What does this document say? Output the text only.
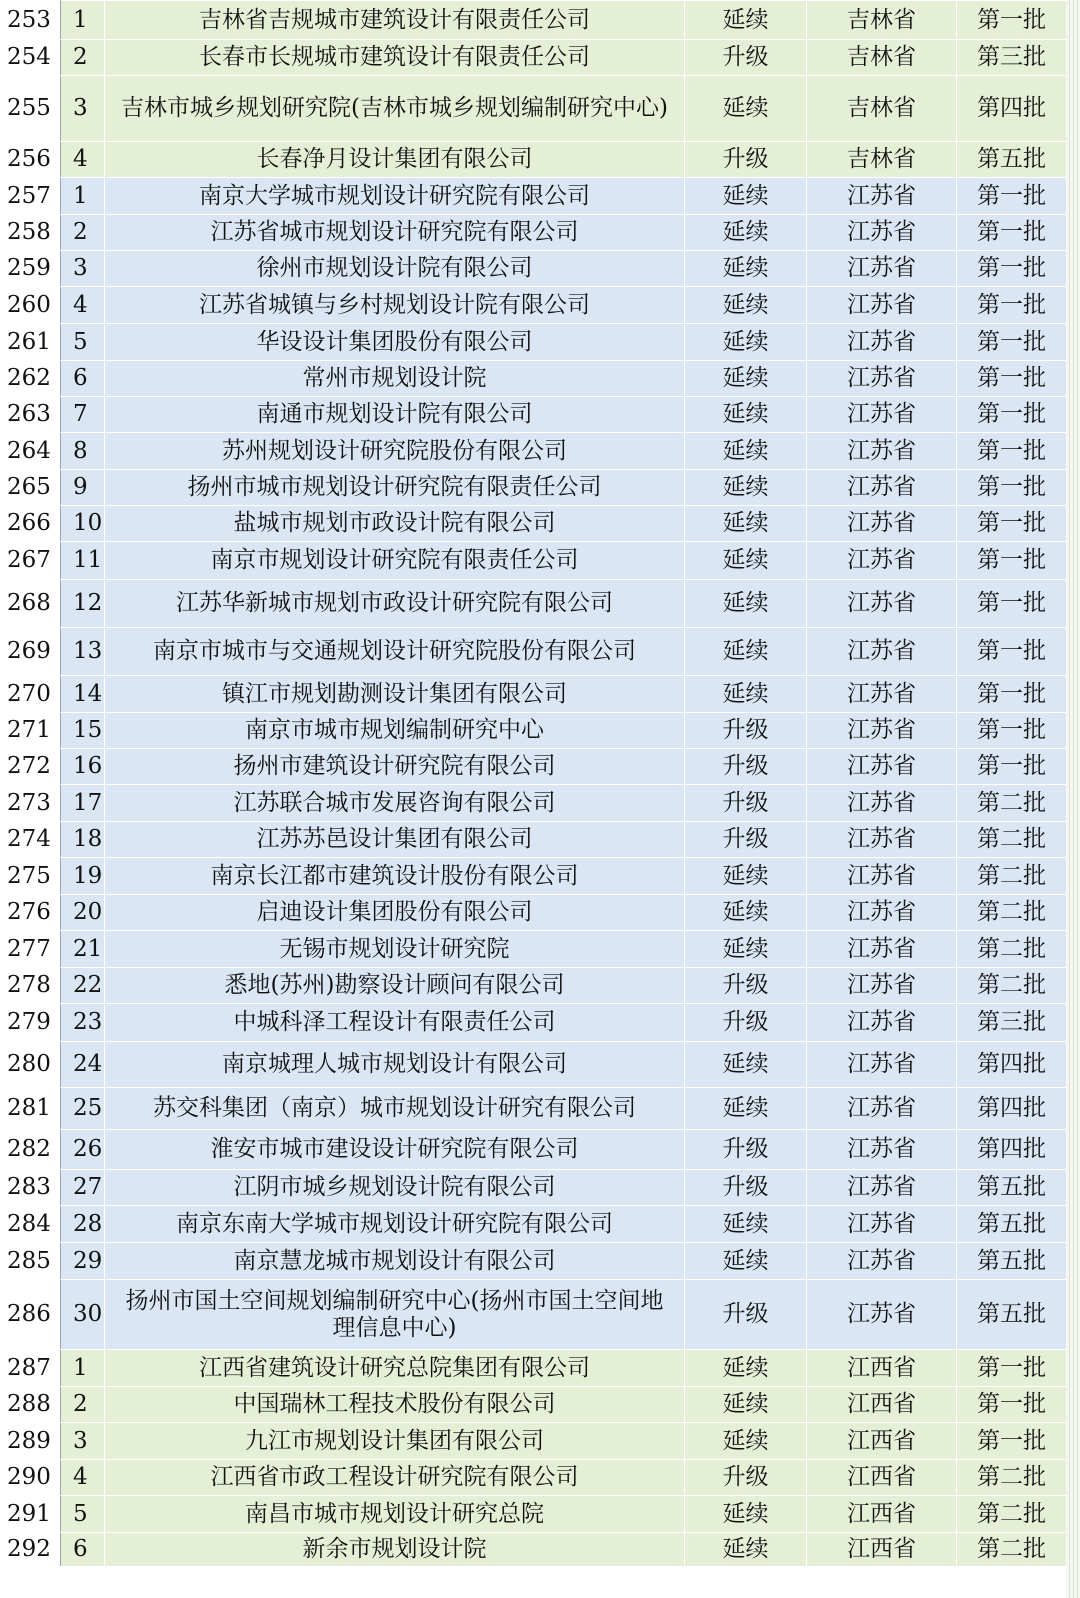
253	1	吉林省吉规城市建筑设计有限责任公司	延续	吉林省	第一批
254	2	长春市长规城市建筑设计有限责任公司	升级	吉林省	第三批
255	3	吉林市城乡规划研究院(吉林市城乡规划编制研究中心)	延续	吉林省	第四批
256	4	长春净月设计集团有限公司	升级	吉林省	第五批
257	1	南京大学城市规划设计研究院有限公司	延续	江苏省	第一批
258	2	江苏省城市规划设计研究院有限公司	延续	江苏省	第一批
259	3	徐州市规划设计院有限公司	延续	江苏省	第一批
260	4	江苏省城镇与乡村规划设计院有限公司	延续	江苏省	第一批
261	5	华设设计集团股份有限公司	延续	江苏省	第一批
262	6	常州市规划设计院	延续	江苏省	第一批
263	7	南通市规划设计院有限公司	延续	江苏省	第一批
264	8	苏州规划设计研究院股份有限公司	延续	江苏省	第一批
265	9	扬州市城市规划设计研究院有限责任公司	延续	江苏省	第一批
266	10	盐城市规划市政设计院有限公司	延续	江苏省	第一批
267	11	南京市规划设计研究院有限责任公司	延续	江苏省	第一批
268	12	江苏华新城市规划市政设计研究院有限公司	延续	江苏省	第一批
269	13	南京市城市与交通规划设计研究院股份有限公司	延续	江苏省	第一批
270	14	镇江市规划勘测设计集团有限公司	延续	江苏省	第一批
271	15	南京市城市规划编制研究中心	升级	江苏省	第一批
272	16	扬州市建筑设计研究院有限公司	升级	江苏省	第一批
273	17	江苏联合城市发展咨询有限公司	升级	江苏省	第二批
274	18	江苏苏邑设计集团有限公司	升级	江苏省	第二批
275	19	南京长江都市建筑设计股份有限公司	延续	江苏省	第二批
276	20	启迪设计集团股份有限公司	延续	江苏省	第二批
277	21	无锡市规划设计研究院	延续	江苏省	第二批
278	22	悉地(苏州)勘察设计顾问有限公司	升级	江苏省	第二批
279	23	中城科泽工程设计有限责任公司	升级	江苏省	第三批
280	24	南京城理人城市规划设计有限公司	延续	江苏省	第四批
281	25	苏交科集团（南京）城市规划设计研究有限公司	延续	江苏省	第四批
282	26	淮安市城市建设设计研究院有限公司	升级	江苏省	第四批
283	27	江阴市城乡规划设计院有限公司	升级	江苏省	第五批
284	28	南京东南大学城市规划设计研究院有限公司	延续	江苏省	第五批
285	29	南京慧龙城市规划设计有限公司	延续	江苏省	第五批
286	30	扬州市国土空间规划编制研究中心(扬州市国土空间地理信息中心)	升级	江苏省	第五批
287	1	江西省建筑设计研究总院集团有限公司	延续	江西省	第一批
288	2	中国瑞林工程技术股份有限公司	延续	江西省	第一批
289	3	九江市规划设计集团有限公司	延续	江西省	第一批
290	4	江西省市政工程设计研究院有限公司	升级	江西省	第二批
291	5	南昌市城市规划设计研究总院	延续	江西省	第二批
292	6	新余市规划设计院	延续	江西省	第二批
